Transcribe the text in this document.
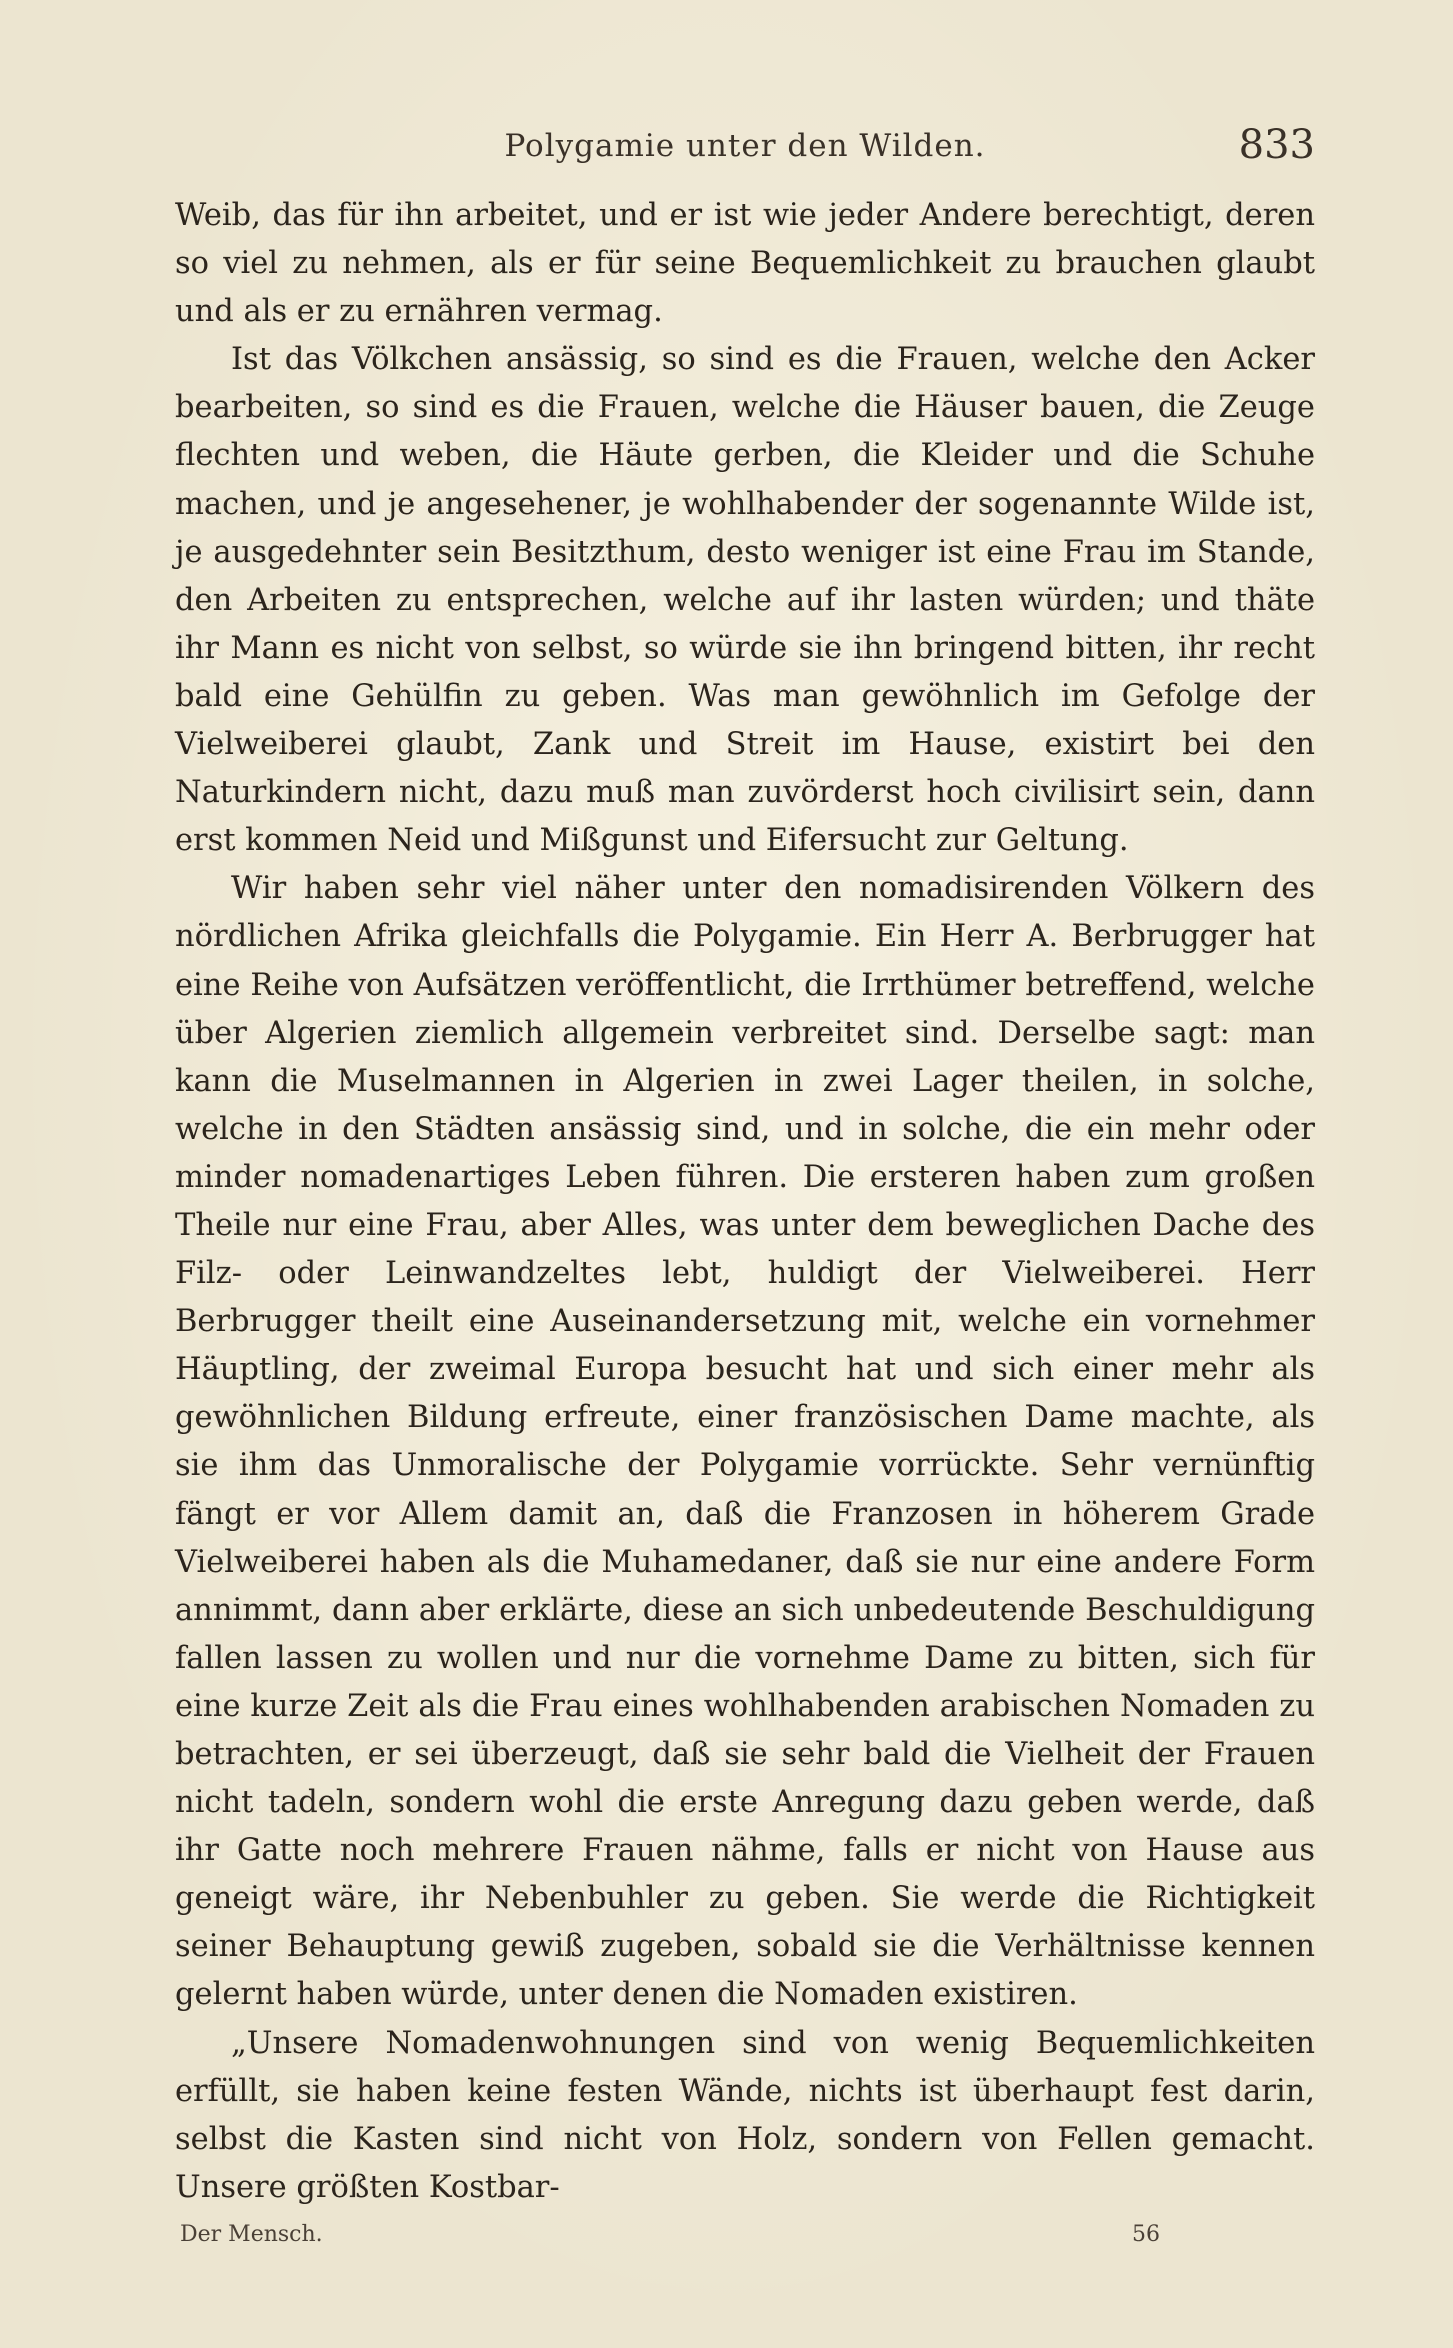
Polygamie unter den Wilden.	833

Weib, das für ihn arbeitet, und er ist wie jeder Andere berechtigt, deren so viel zu nehmen, als er für seine Bequemlichkeit zu brauchen glaubt und als er zu ernähren vermag.

Ist das Völkchen ansässig, so sind es die Frauen, welche den Acker bearbeiten, so sind es die Frauen, welche die Häuser bauen, die Zeuge flechten und weben, die Häute gerben, die Kleider und die Schuhe machen, und je angesehener, je wohlhabender der sogenannte Wilde ist, je ausgedehnter sein Besitzthum, desto weniger ist eine Frau im Stande, den Arbeiten zu entsprechen, welche auf ihr lasten würden; und thäte ihr Mann es nicht von selbst, so würde sie ihn bringend bitten, ihr recht bald eine Gehülfin zu geben. Was man gewöhnlich im Gefolge der Vielweiberei glaubt, Zank und Streit im Hause, existirt bei den Naturkindern nicht, dazu muß man zuvörderst hoch civilisirt sein, dann erst kommen Neid und Mißgunst und Eifersucht zur Geltung.

Wir haben sehr viel näher unter den nomadisirenden Völkern des nördlichen Afrika gleichfalls die Polygamie. Ein Herr A. Berbrugger hat eine Reihe von Aufsätzen veröffentlicht, die Irrthümer betreffend, welche über Algerien ziemlich allgemein verbreitet sind. Derselbe sagt: man kann die Muselmannen in Algerien in zwei Lager theilen, in solche, welche in den Städten ansässig sind, und in solche, die ein mehr oder minder nomadenartiges Leben führen. Die ersteren haben zum großen Theile nur eine Frau, aber Alles, was unter dem beweglichen Dache des Filz- oder Leinwandzeltes lebt, huldigt der Vielweiberei. Herr Berbrugger theilt eine Auseinandersetzung mit, welche ein vornehmer Häuptling, der zweimal Europa besucht hat und sich einer mehr als gewöhnlichen Bildung erfreute, einer französischen Dame machte, als sie ihm das Unmoralische der Polygamie vorrückte. Sehr vernünftig fängt er vor Allem damit an, daß die Franzosen in höherem Grade Vielweiberei haben als die Muhamedaner, daß sie nur eine andere Form annimmt, dann aber erklärte, diese an sich unbedeutende Beschuldigung fallen lassen zu wollen und nur die vornehme Dame zu bitten, sich für eine kurze Zeit als die Frau eines wohlhabenden arabischen Nomaden zu betrachten, er sei überzeugt, daß sie sehr bald die Vielheit der Frauen nicht tadeln, sondern wohl die erste Anregung dazu geben werde, daß ihr Gatte noch mehrere Frauen nähme, falls er nicht von Hause aus geneigt wäre, ihr Nebenbuhler zu geben. Sie werde die Richtigkeit seiner Behauptung gewiß zugeben, sobald sie die Verhältnisse kennen gelernt haben würde, unter denen die Nomaden existiren.

„Unsere Nomadenwohnungen sind von wenig Bequemlichkeiten erfüllt, sie haben keine festen Wände, nichts ist überhaupt fest darin, selbst die Kasten sind nicht von Holz, sondern von Fellen gemacht. Unsere größten Kostbar-

Der Mensch.	56
